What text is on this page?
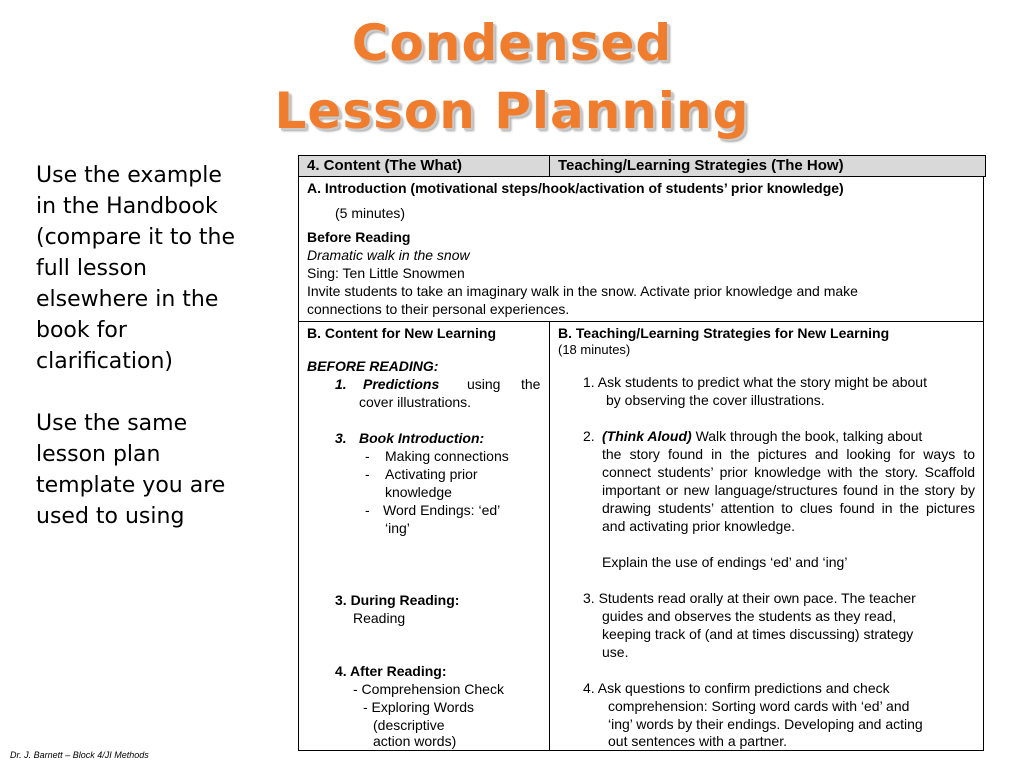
Condensed
Lesson Planning

Use the example in the Handbook (compare it to the full lesson elsewhere in the book for clarification)

Use the same lesson plan template you are used to using

Dr. J. Barnett – Block 4/JI Methods
4. Content (The What)	Teaching/Learning Strategies (The How)
A. Introduction (motivational steps/hook/activation of students’ prior knowledge)
(5 minutes)
Before Reading
Dramatic walk in the snow
Sing: Ten Little Snowmen
Invite students to take an imaginary walk in the snow. Activate prior knowledge and make
connections to their personal experiences.
B. Content for New Learning
BEFORE READING:
1. Predictions using the
cover illustrations.
3. Book Introduction:
- Making connections
- Activating prior
knowledge
- Word Endings: ‘ed’
‘ing’
3. During Reading:
Reading
4. After Reading:
- Comprehension Check
- Exploring Words
(descriptive
action words)
B. Teaching/Learning Strategies for New Learning
(18 minutes)
1. Ask students to predict what the story might be about
by observing the cover illustrations.
2. (Think Aloud) Walk through the book, talking about
the story found in the pictures and looking for ways to connect students’ prior knowledge with the story. Scaffold important or new language/structures found in the story by drawing students’ attention to clues found in the pictures and activating prior knowledge.
Explain the use of endings ‘ed’ and ‘ing’
3. Students read orally at their own pace. The teacher
guides and observes the students as they read,
keeping track of (and at times discussing) strategy
use.
4. Ask questions to confirm predictions and check
comprehension: Sorting word cards with ‘ed’ and
‘ing’ words by their endings. Developing and acting
out sentences with a partner.
